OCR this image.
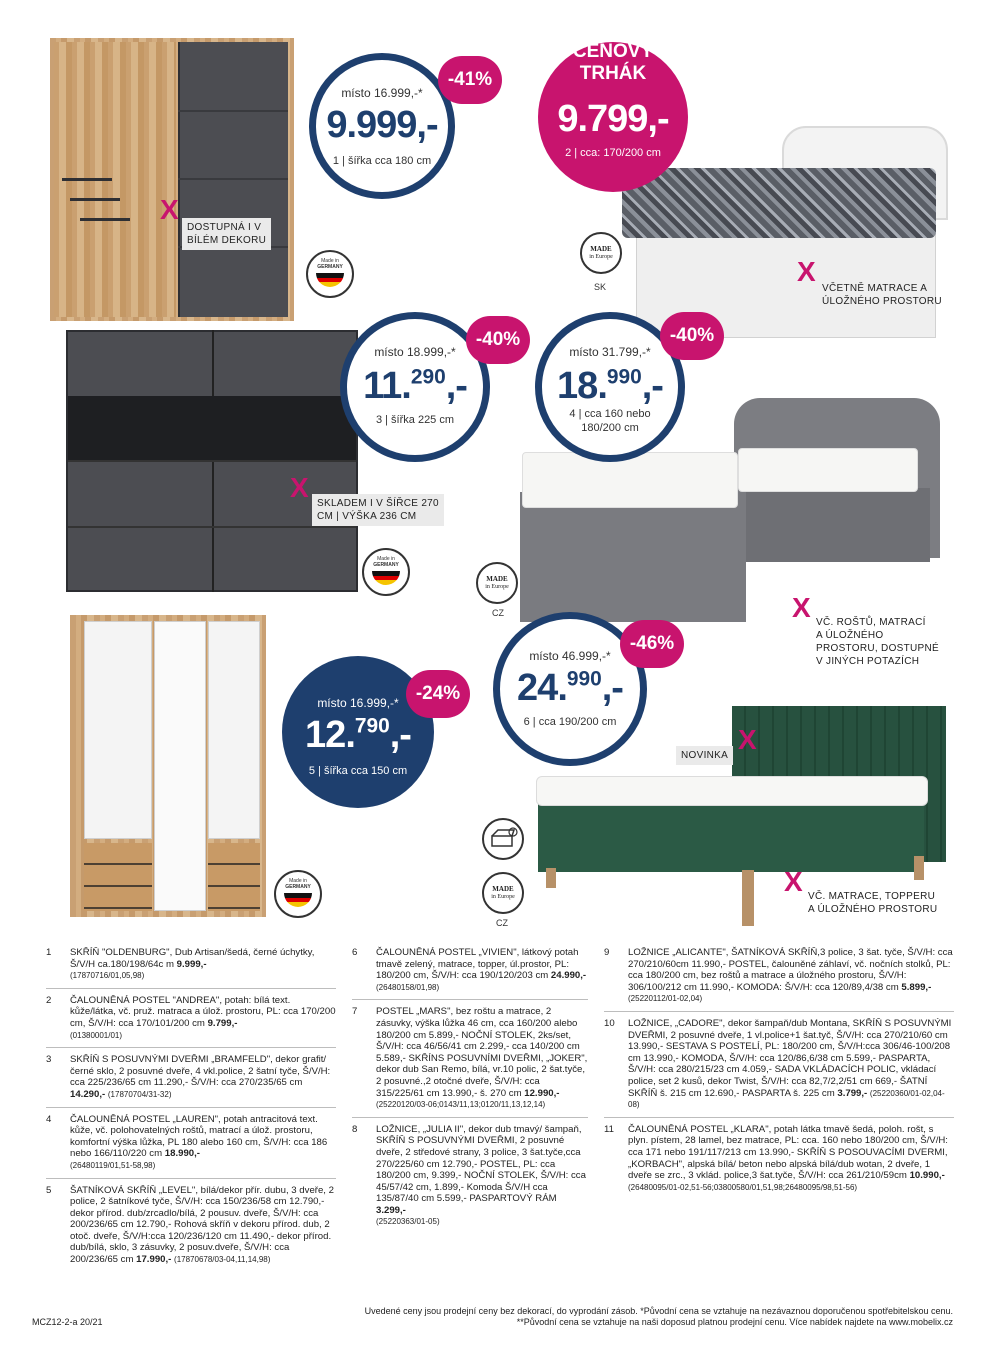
místo 16.999,-*
9.999,-
1 | šířka cca 180 cm
-41%
CENOVÝ
TRHÁK
9.799,-
2 | cca: 170/200 cm
místo 18.999,-*
11.$^{290}$,-
3 | šířka 225 cm
-40%
místo 31.799,-*
18.$^{990}$,-
4 | cca 160 nebo 180/200 cm
-40%
místo 16.999,-*
12.$^{790}$,-
5 | šířka cca 150 cm
-24%
místo 46.999,-*
24.$^{990}$,-
6 | cca 190/200 cm
-46%
X
DOSTUPNÁ I V
BÍLÉM DEKORU
X
VČETNĚ MATRACE A
ÚLOŽNÉHO PROSTORU
X
SKLADEM I V ŠÍŘCE 270
CM | VÝŠKA 236 CM
X VČ. ROŠTŮ, MATRACÍ
A ÚLOŽNÉHO
PROSTORU, DOSTUPNÉ
V JINÝCH POTAZÍCH
NOVINKA
X
X VČ. MATRACE, TOPPERU
A ÚLOŽNÉHO PROSTORU
Made in
GERMANY
Made in
GERMANY
Made in
GERMANY
MADE
in Europe
SK
MADE
in Europe
CZ
MADE
in Europe
CZ
1 SKŘÍŇ "OLDENBURG", Dub Artisan/šedá, černé úchytky, Š/V/H ca.180/198/64c m 9.999,-
(17870716/01,05,98)
2 ČALOUNĚNÁ POSTEL "ANDREA", potah: bílá text. kůže/látka, vč. pruž. matraca a úlož. prostoru, PL: cca 170/200 cm, Š/V/H: cca 170/101/200 cm 9.799,-
(01380001/01)
3 SKŘÍŇ S POSUVNÝMI DVEŘMI „BRAMFELD", dekor grafit/černé sklo, 2 posuvné dveře, 4 vkl.police, 2 šatní tyče, Š/V/H: cca 225/236/65 cm 11.290,- Š/V/H: cca 270/235/65 cm 14.290,- (17870704/31-32)
4 ČALOUNĚNÁ POSTEL „LAUREN", potah antracitová text. kůže, vč. polohovatelných roštů, matrací a úlož. prostoru, komfortní výška lůžka, PL 180 alebo 160 cm, Š/V/H: cca 186 nebo 166/110/220 cm 18.990,-
(26480119/01,51-58,98)
5 ŠATNÍKOVÁ SKŘÍŇ „LEVEL", bílá/dekor přír. dubu, 3 dveře, 2 police, 2 šatníkové tyče, Š/V/H: cca 150/236/58 cm 12.790,- dekor přírod. dub/zrcadlo/bílá, 2 pousuv. dveře, Š/V/H: cca 200/236/65 cm 12.790,- Rohová skříň v dekoru přírod. dub, 2 otoč. dveře, Š/V/H:cca 120/236/120 cm 11.490,- dekor přírod. dub/bílá, sklo, 3 zásuvky, 2 posuv.dveře, Š/V/H: cca 200/236/65 cm 17.990,- (17870678/03-04,11,14,98)
6 ČALOUNĚNÁ POSTEL „VIVIEN", látkový potah tmavě zelený, matrace, topper, úl.prostor, PL: 180/200 cm, Š/V/H: cca 190/120/203 cm 24.990,-
(26480158/01,98)
7 POSTEL „MARS", bez roštu a matrace, 2 zásuvky, výška lůžka 46 cm, cca 160/200 alebo 180/200 cm 5.899,- NOČNÍ STOLEK, 2ks/set, Š/V/H: cca 46/56/41 cm 2.299,- cca 140/200 cm 5.589,- SKŘÍNS POSUVNÍMI DVEŘMI, „JOKER", dekor dub San Remo, bílá, vr.10 polic, 2 šat.tyče, 2 posuvné.,2 otočné dveře, Š/V/H: cca 315/225/61 cm 13.990,- š. 270 cm 12.990,-
(25220120/03-06;0143/11,13;0120/11,13,12,14)
8 LOŽNICE, „JULIA II", dekor dub tmavý/ šampaň, SKŘÍŇ S POSUVNÝMI DVEŘMI, 2 posuvné dveře, 2 středové strany, 3 police, 3 šat.tyče,cca 270/225/60 cm 12.790,- POSTEL, PL: cca 180/200 cm, 9.399,- NOČNÍ STOLEK, Š/V/H: cca 45/57/42 cm, 1.899,- Komoda Š/V/H cca 135/87/40 cm 5.599,- PASPARTOVÝ RÁM 3.299,-
(25220363/01-05)
9 LOŽNICE „ALICANTE", ŠATNÍKOVÁ SKŘÍŇ,3 police, 3 šat. tyče, Š/V/H: cca 270/210/60cm 11.990,- POSTEL, čalouněné záhlaví, vč. nočních stolků, PL: cca 180/200 cm, bez roštů a matrace a úložného prostoru, Š/V/H: 306/100/212 cm 11.990,- KOMODA: Š/V/H: cca 120/89,4/38 cm 5.899,- (25220112/01-02,04)
10 LOŽNICE, „CADORE", dekor šampaň/dub Montana, SKŘÍŇ S POSUVNÝMI DVEŘMI, 2 posuvné dveře, 1 vl.police+1 šat.tyč, Š/V/H: cca 270/210/60 cm 13.990,- SESTAVA S POSTELÍ, PL: 180/200 cm, Š/V/H:cca 306/46-100/208 cm 13.990,- KOMODA, Š/V/H: cca 120/86,6/38 cm 5.599,- PASPARTA, Š/V/H: cca 280/215/23 cm 4.059,- SADA VKLÁDACÍCH POLIC, vkládací police, set 2 kusů, dekor Twist, Š/V/H: cca 82,7/2,2/51 cm 669,- ŠATNÍ SKŘÍŇ š. 215 cm 12.690,- PASPARTA š. 225 cm 3.799,- (25220360/01-02,04-08)
11 ČALOUNĚNÁ POSTEL „KLARA", potah látka tmavě šedá, poloh. rošt, s plyn. pístem, 28 lamel, bez matrace, PL: cca. 160 nebo 180/200 cm, Š/V/H: cca 171 nebo 191/117/213 cm 13.990,- SKŘÍŇ S POSOUVACÍMI DVERMI, „KORBACH", alpská bílá/ beton nebo alpská bílá/dub wotan, 2 dveře, 1 dveře se zrc., 3 vklád. police,3 šat.tyče, Š/V/H: cca 261/210/59cm 10.990,- (26480095/01-02,51-56;03800580/01,51,98;26480095/98,51-56)
MCZ12-2-a 20/21
Uvedené ceny jsou prodejní ceny bez dekorací, do vyprodání zásob. *Původní cena se vztahuje na nezávaznou doporučenou spotřebitelskou cenu.
**Původní cena se vztahuje na naši doposud platnou prodejní cenu. Více nabídek najdete na www.mobelix.cz
